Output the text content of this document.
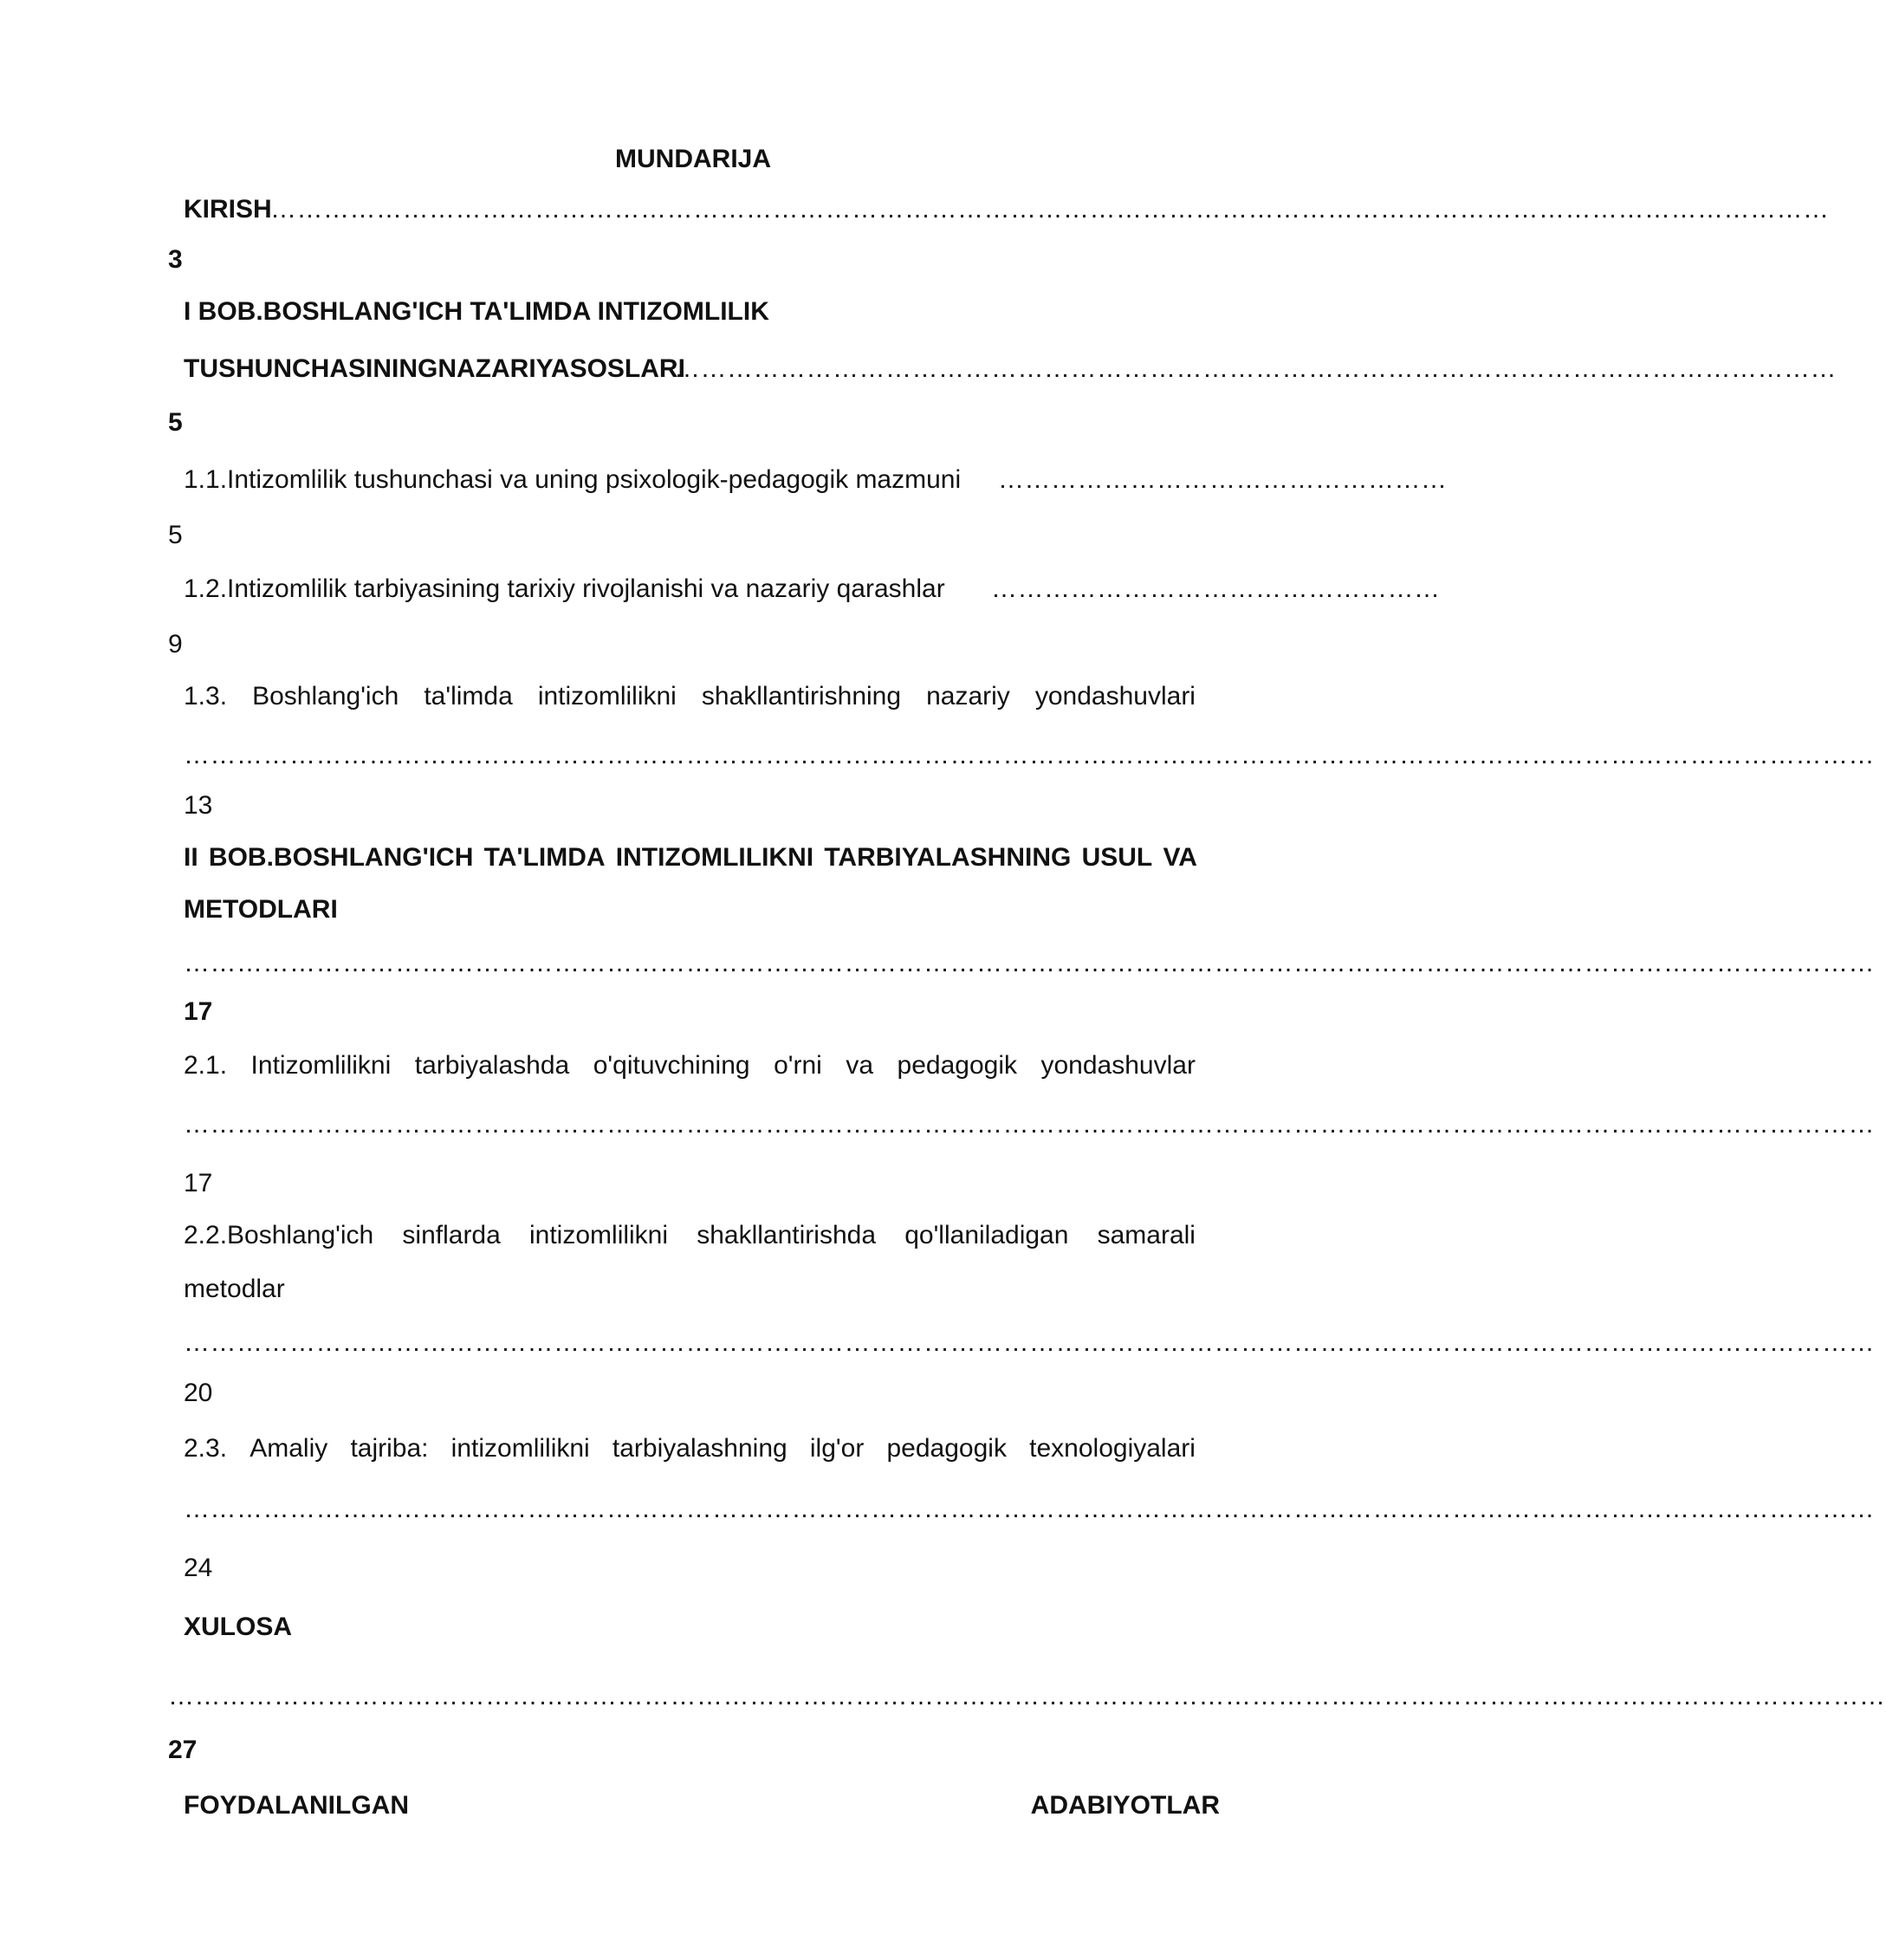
MUNDARIJA
KIRISH
……………………………………………………………………………………………………………………………………………………………
3
I BOB.BOSHLANG'ICH TA'LIMDA INTIZOMLILIK
TUSHUNCHASININGNAZARIYASOSLARI
……………………………………………………………………………………………………………………
5
1.1.Intizomlilik tushunchasi va uning psixologik-pedagogik mazmuni ……………………………………………
5
1.2.Intizomlilik tarbiyasining tarixiy rivojlanishi va nazariy qarashlar ……………………………………………
9
1.3. Boshlang'ich ta'limda intizomlilikni shakllantirishning nazariy yondashuvlari
…………………………………………………………………………………………………………………………………………………………………………
13
II BOB.BOSHLANG'ICH TA'LIMDA INTIZOMLILIKNI TARBIYALASHNING USUL VA
METODLARI
…………………………………………………………………………………………………………………………………………………………………………
17
2.1. Intizomlilikni tarbiyalashda o'qituvchining o'rni va pedagogik yondashuvlar
…………………………………………………………………………………………………………………………………………………………………………
17
2.2.Boshlang'ich sinflarda intizomlilikni shakllantirishda qo'llaniladigan samarali
metodlar
…………………………………………………………………………………………………………………………………………………………………………
20
2.3. Amaliy tajriba: intizomlilikni tarbiyalashning ilg'or pedagogik texnologiyalari
…………………………………………………………………………………………………………………………………………………………………………
24
XULOSA
……………………………………………………………………………………………………………………………………………………………………………
27
FOYDALANILGAN	ADABIYOTLAR
